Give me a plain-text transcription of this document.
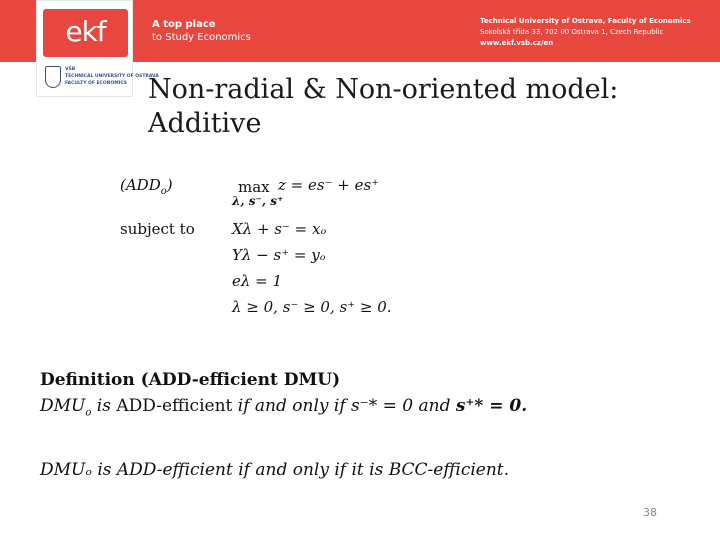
ekf
VŠB
TECHNICAL UNIVERSITY OF OSTRAVA
FACULTY OF ECONOMICS
A top place
to Study Economics
Technical University of Ostrava, Faculty of Economics
Sokolská třída 33, 702 00 Ostrava 1, Czech Republic
www.ekf.vsb.cz/en
Non-radial & Non-oriented model:
Additive
$(ADD_o)$	max
λ, s⁻, s⁺
z = es⁻ + es⁺
subject to Xλ + s⁻ = xₒ
Yλ − s⁺ = yₒ
eλ = 1
λ ≥ 0, s⁻ ≥ 0, s⁺ ≥ 0.
Definition (ADD-efficient DMU)
$DMU_o$ is ADD-efficient if and only if s⁻* = 0 and s⁺* = 0.
DMUₒ is ADD-efficient if and only if it is BCC-efficient.
38
